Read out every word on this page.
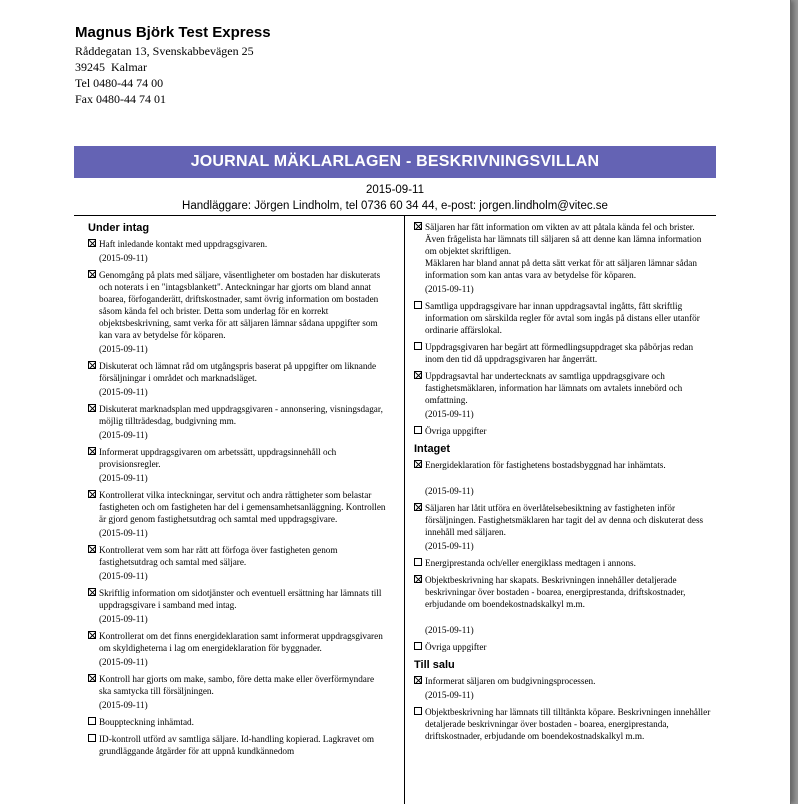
Magnus Björk Test Express
Råddegatan 13, Svenskabbevägen 25
39245  Kalmar
Tel 0480-44 74 00
Fax 0480-44 74 01
JOURNAL MÄKLARLAGEN - BESKRIVNINGSVILLAN
2015-09-11
Handläggare: Jörgen Lindholm, tel 0736 60 34 44, e-post: jorgen.lindholm@vitec.se
Under intag
Haft inledande kontakt med uppdragsgivaren.
(2015-09-11)
Genomgång på plats med säljare, väsentligheter om bostaden har diskuterats och noterats i en "intagsblankett". Anteckningar har gjorts om bland annat boarea, förfoganderätt, driftskostnader, samt övrig information om bostaden såsom kända fel och brister. Detta som underlag för en korrekt objektsbeskrivning, samt verka för att säljaren lämnar sådana uppgifter som kan vara av betydelse för köparen.
(2015-09-11)
Diskuterat och lämnat råd om utgångspris baserat på uppgifter om liknande försäljningar i området och marknadsläget.
(2015-09-11)
Diskuterat marknadsplan med uppdragsgivaren - annonsering, visningsdagar, möjlig tillträdesdag, budgivning mm.
(2015-09-11)
Informerat uppdragsgivaren om arbetssätt, uppdragsinnehåll och provisionsregler.
(2015-09-11)
Kontrollerat vilka inteckningar, servitut och andra rättigheter som belastar fastigheten och om fastigheten har del i gemensamhetsanläggning. Kontrollen är gjord genom fastighetsutdrag och samtal med uppdragsgivare.
(2015-09-11)
Kontrollerat vem som har rätt att förfoga över fastigheten genom fastighetsutdrag och samtal med säljare.
(2015-09-11)
Skriftlig information om sidotjänster och eventuell ersättning har lämnats till uppdragsgivare i samband med intag.
(2015-09-11)
Kontrollerat om det finns energideklaration samt informerat uppdragsgivaren om skyldigheterna i lag om energideklaration för byggnader.
(2015-09-11)
Kontroll har gjorts om make, sambo, före detta make eller överförmyndare ska samtycka till försäljningen.
(2015-09-11)
Bouppteckning inhämtad.
ID-kontroll utförd av samtliga säljare. Id-handling kopierad. Lagkravet om grundläggande åtgärder för att uppnå kundkännedom
Säljaren har fått information om vikten av att påtala kända fel och brister.
Även frågelista har lämnats till säljaren så att denne kan lämna information om objektet skriftligen.
Mäklaren har bland annat på detta sätt verkat för att säljaren lämnar sådan information som kan antas vara av betydelse för köparen.
(2015-09-11)
Samtliga uppdragsgivare har innan uppdragsavtal ingåtts, fått skriftlig information om särskilda regler för avtal som ingås på distans eller utanför ordinarie affärslokal.
Uppdragsgivaren har begärt att förmedlingsuppdraget ska påbörjas redan inom den tid då uppdragsgivaren har ångerrätt.
Uppdragsavtal har undertecknats av samtliga uppdragsgivare och fastighetsmäklaren, information har lämnats om avtalets innebörd och omfattning.
(2015-09-11)
Övriga uppgifter
Intaget
Energideklaration för fastighetens bostadsbyggnad har inhämtats.
(2015-09-11)
Säljaren har låtit utföra en överlåtelsebesiktning av fastigheten inför försäljningen. Fastighetsmäklaren har tagit del av denna och diskuterat dess innehåll med säljaren.
(2015-09-11)
Energiprestanda och/eller energiklass medtagen i annons.
Objektbeskrivning har skapats. Beskrivningen innehåller detaljerade beskrivningar över bostaden - boarea, energiprestanda, driftskostnader, erbjudande om boendekostnadskalkyl m.m.
(2015-09-11)
Övriga uppgifter
Till salu
Informerat säljaren om budgivningsprocessen.
(2015-09-11)
Objektbeskrivning har lämnats till tilltänkta köpare. Beskrivningen innehåller detaljerade beskrivningar över bostaden - boarea, energiprestanda, driftskostnader, erbjudande om boendekostnadskalkyl m.m.
